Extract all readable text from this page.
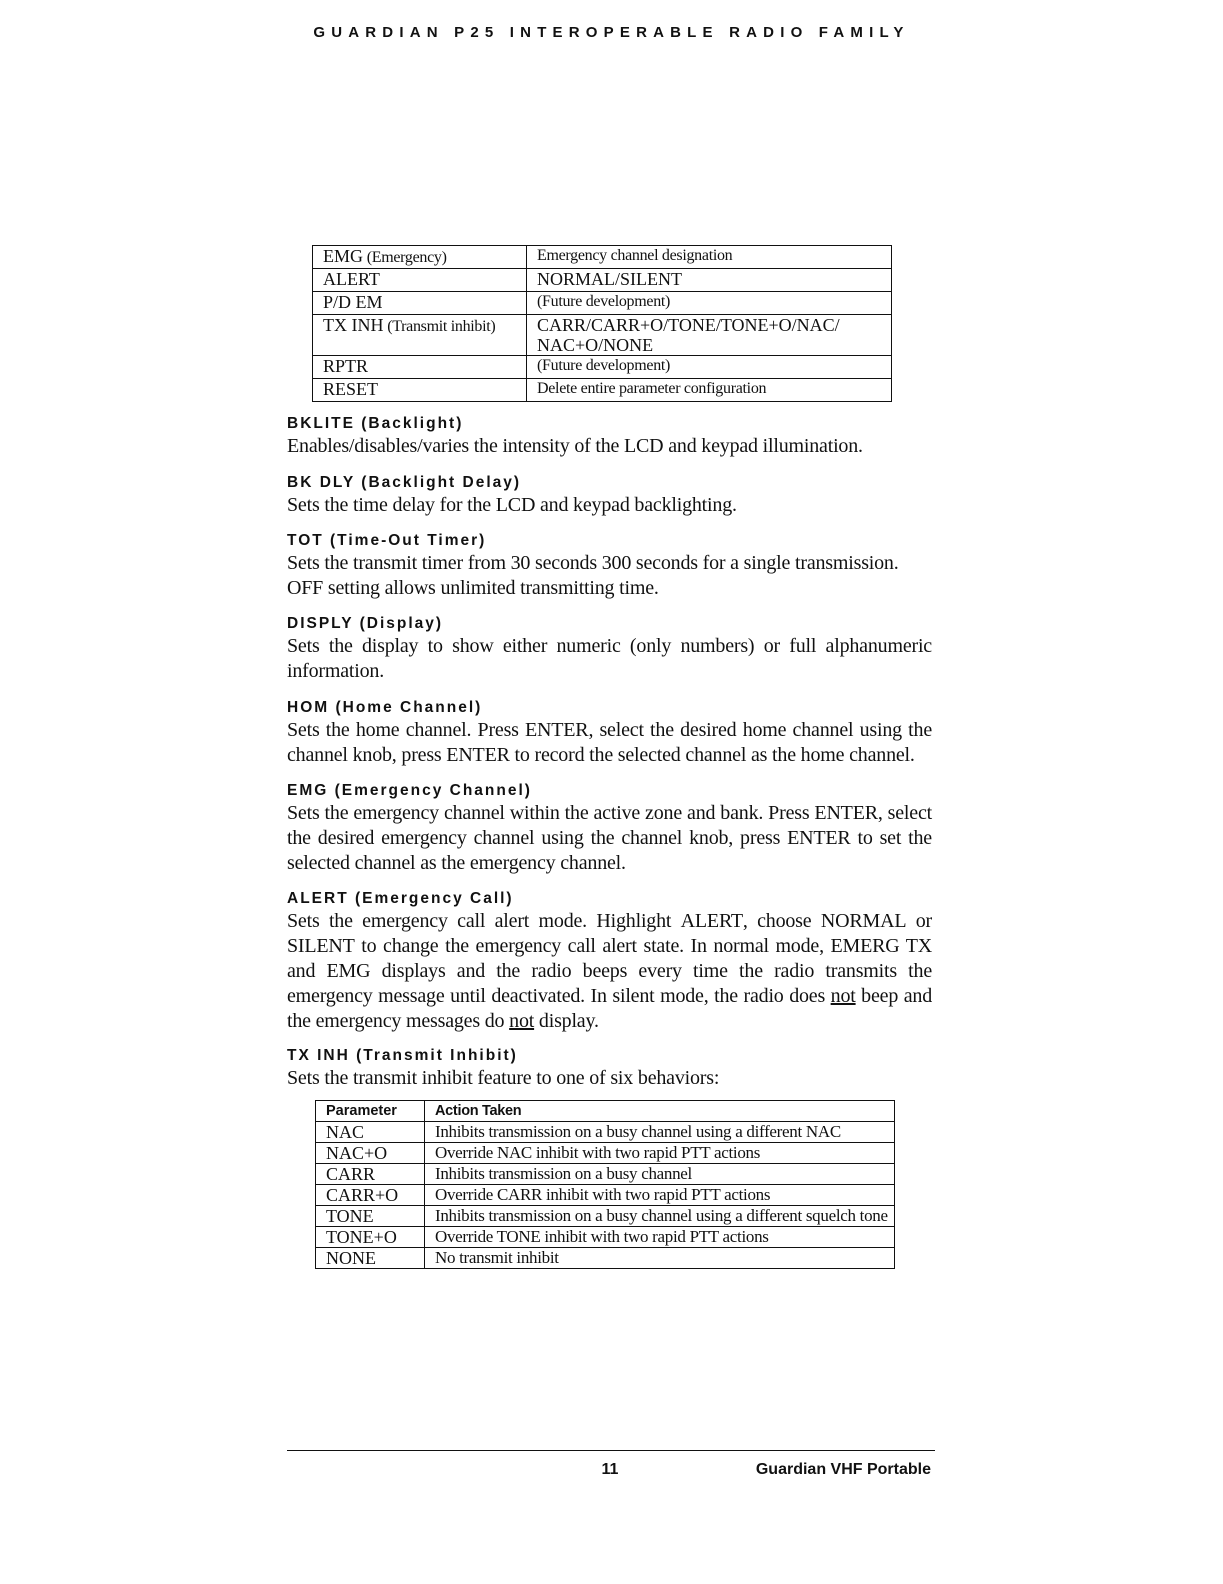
GUARDIAN P25 INTEROPERABLE RADIO FAMILY
EMG (Emergency)	Emergency channel designation
ALERT	NORMAL/SILENT
P/D EM	(Future development)
TX INH (Transmit inhibit)	CARR/CARR+O/TONE/TONE+O/NAC/ NAC+O/NONE
RPTR	(Future development)
RESET	Delete entire parameter configuration
BKLITE (Backlight)

Enables/disables/varies the intensity of the LCD and keypad illumination.

BK DLY (Backlight Delay)

Sets the time delay for the LCD and keypad backlighting.

TOT (Time-Out Timer)

Sets the transmit timer from 30 seconds 300 seconds for a single transmission.
OFF setting allows unlimited transmitting time.

DISPLY (Display)

Sets the display to show either numeric (only numbers) or full alphanumeric information.

HOM (Home Channel)

Sets the home channel. Press ENTER, select the desired home channel using the channel knob, press ENTER to record the selected channel as the home channel.

EMG (Emergency Channel)

Sets the emergency channel within the active zone and bank. Press ENTER, select the desired emergency channel using the channel knob, press ENTER to set the selected channel as the emergency channel.

ALERT (Emergency Call)

Sets the emergency call alert mode. Highlight ALERT, choose NORMAL or SILENT to change the emergency call alert state. In normal mode, EMERG TX and EMG displays and the radio beeps every time the radio transmits the emergency message until deactivated. In silent mode, the radio does not beep and the emergency messages do not display.

TX INH (Transmit Inhibit)

Sets the transmit inhibit feature to one of six behaviors:

Parameter	Action Taken
NAC	Inhibits transmission on a busy channel using a different NAC
NAC+O	Override NAC inhibit with two rapid PTT actions
CARR	Inhibits transmission on a busy channel
CARR+O	Override CARR inhibit with two rapid PTT actions
TONE	Inhibits transmission on a busy channel using a different squelch tone
TONE+O	Override TONE inhibit with two rapid PTT actions
NONE	No transmit inhibit
11	Guardian VHF Portable
